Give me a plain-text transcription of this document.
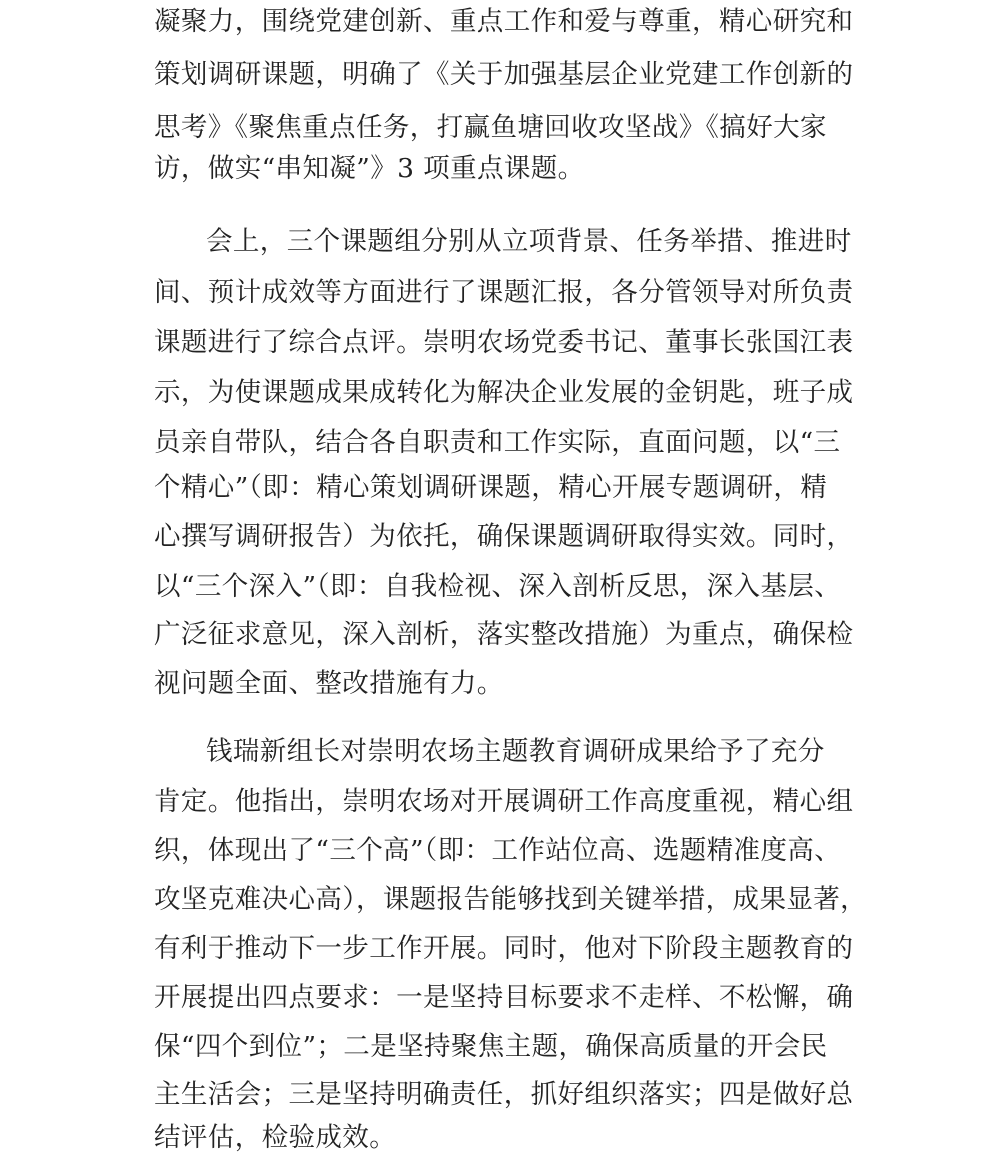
凝聚力，围绕党建创新、重点工作和爱与尊重，精心研究和

策划调研课题，明确了《关于加强基层企业党建工作创新的

思考》《聚焦重点任务，打赢鱼塘回收攻坚战》《搞好大家

访，做实“串知凝”》3 项重点课题。

会上，三个课题组分别从立项背景、任务举措、推进时

间、预计成效等方面进行了课题汇报，各分管领导对所负责

课题进行了综合点评。崇明农场党委书记、董事长张国江表

示，为使课题成果成转化为解决企业发展的金钥匙，班子成

员亲自带队，结合各自职责和工作实际，直面问题，以“三

个精心”（即：精心策划调研课题，精心开展专题调研，精

心撰写调研报告）为依托，确保课题调研取得实效。同时，

以“三个深入”（即：自我检视、深入剖析反思，深入基层、

广泛征求意见，深入剖析，落实整改措施）为重点，确保检

视问题全面、整改措施有力。

钱瑞新组长对崇明农场主题教育调研成果给予了充分

肯定。他指出，崇明农场对开展调研工作高度重视，精心组

织，体现出了“三个高”（即：工作站位高、选题精准度高、

攻坚克难决心高），课题报告能够找到关键举措，成果显著，

有利于推动下一步工作开展。同时，他对下阶段主题教育的

开展提出四点要求：一是坚持目标要求不走样、不松懈，确

保“四个到位”；二是坚持聚焦主题，确保高质量的开会民

主生活会；三是坚持明确责任，抓好组织落实；四是做好总

结评估，检验成效。
